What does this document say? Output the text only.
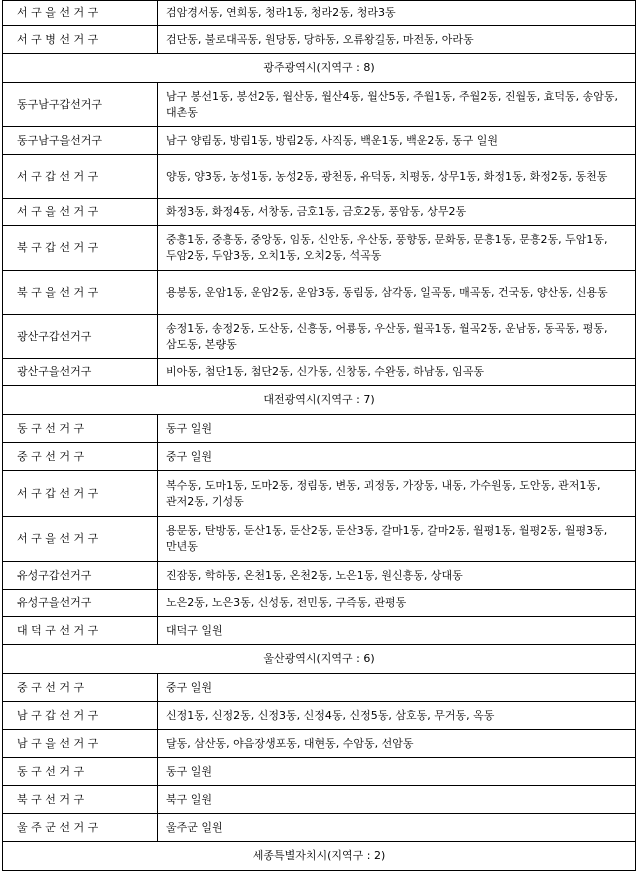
서 구 을 선 거 구	검암경서동, 연희동, 청라1동, 청라2동, 청라3동
서 구 병 선 거 구	검단동, 불로대곡동, 원당동, 당하동, 오류왕길동, 마전동, 아라동
광주광역시(지역구 : 8)	
동구남구갑선거구	남구 봉선1동, 봉선2동, 월산동, 월산4동, 월산5동, 주월1동, 주월2동, 진월동, 효덕동, 송암동, 대촌동
동구남구을선거구	남구 양림동, 방림1동, 방림2동, 사직동, 백운1동, 백운2동, 동구 일원
서 구 갑 선 거 구	양동, 양3동, 농성1동, 농성2동, 광천동, 유덕동, 치평동, 상무1동, 화정1동, 화정2동, 동천동
서 구 을 선 거 구	화정3동, 화정4동, 서창동, 금호1동, 금호2동, 풍암동, 상무2동
북 구 갑 선 거 구	중흥1동, 중흥동, 중앙동, 임동, 신안동, 우산동, 풍향동, 문화동, 문흥1동, 문흥2동, 두암1동, 두암2동, 두암3동, 오치1동, 오치2동, 석곡동
북 구 을 선 거 구	용봉동, 운암1동, 운암2동, 운암3동, 동림동, 삼각동, 일곡동, 매곡동, 건국동, 양산동, 신용동
광산구갑선거구	송정1동, 송정2동, 도산동, 신흥동, 어룡동, 우산동, 월곡1동, 월곡2동, 운남동, 동곡동, 평동, 삼도동, 본량동
광산구을선거구	비아동, 첨단1동, 첨단2동, 신가동, 신창동, 수완동, 하남동, 임곡동
대전광역시(지역구 : 7)	
동 구 선 거 구	동구 일원
중 구 선 거 구	중구 일원
서 구 갑 선 거 구	복수동, 도마1동, 도마2동, 정림동, 변동, 괴정동, 가장동, 내동, 가수원동, 도안동, 관저1동, 관저2동, 기성동
서 구 을 선 거 구	용문동, 탄방동, 둔산1동, 둔산2동, 둔산3동, 갈마1동, 갈마2동, 월평1동, 월평2동, 월평3동, 만년동
유성구갑선거구	진잠동, 학하동, 온천1동, 온천2동, 노은1동, 원신흥동, 상대동
유성구을선거구	노은2동, 노은3동, 신성동, 전민동, 구즉동, 관평동
대 덕 구 선 거 구	대덕구 일원
울산광역시(지역구 : 6)	
중 구 선 거 구	중구 일원
남 구 갑 선 거 구	신정1동, 신정2동, 신정3동, 신정4동, 신정5동, 삼호동, 무거동, 옥동
남 구 을 선 거 구	달동, 삼산동, 야음장생포동, 대현동, 수암동, 선암동
동 구 선 거 구	동구 일원
북 구 선 거 구	북구 일원
울 주 군 선 거 구	울주군 일원
세종특별자치시(지역구 : 2)	
